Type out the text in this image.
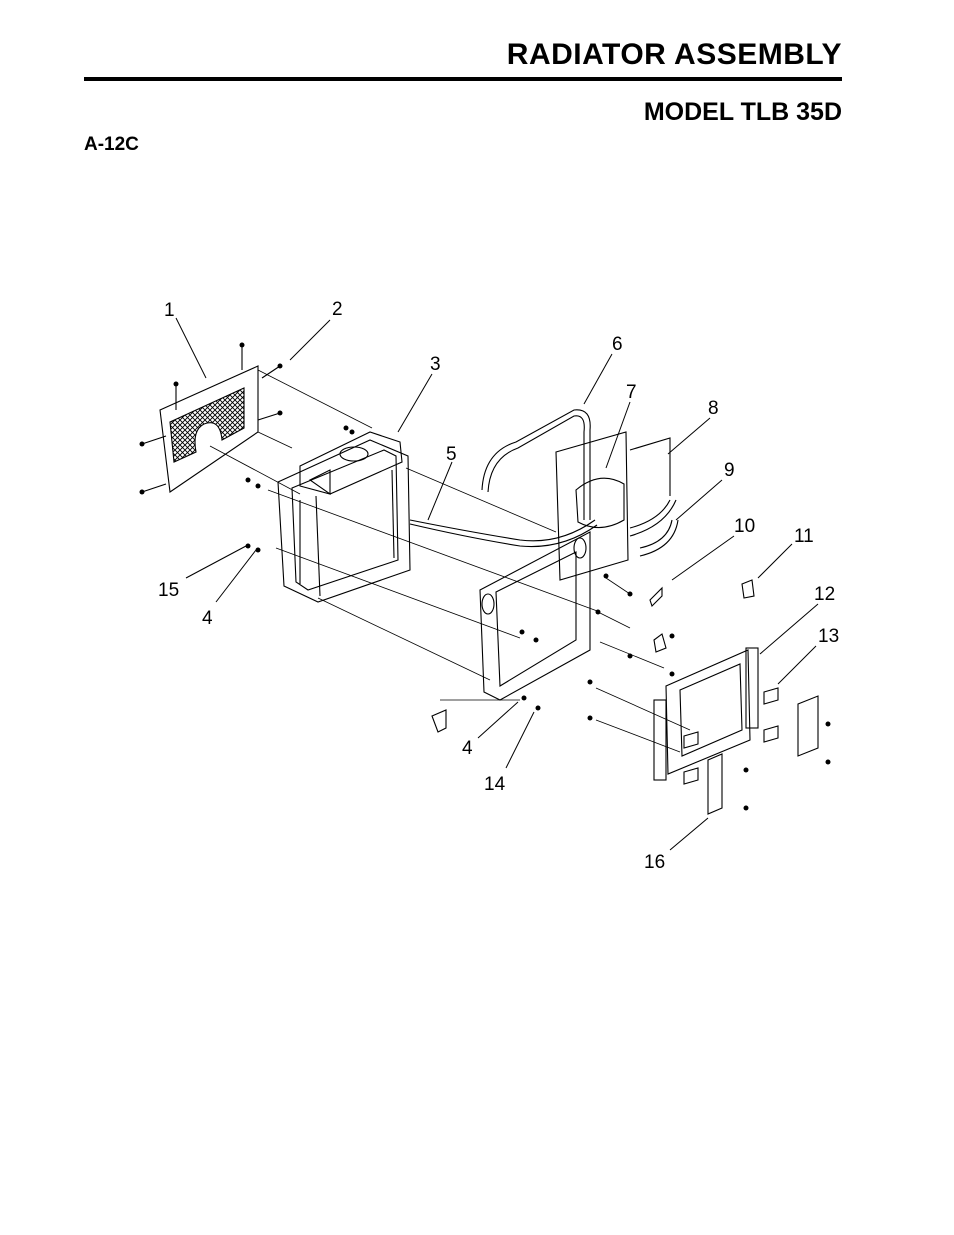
RADIATOR ASSEMBLY
MODEL TLB 35D
A-12C
1	2
3
4
5
6
7
8
9
10 11
12
13
14
15
16
4
